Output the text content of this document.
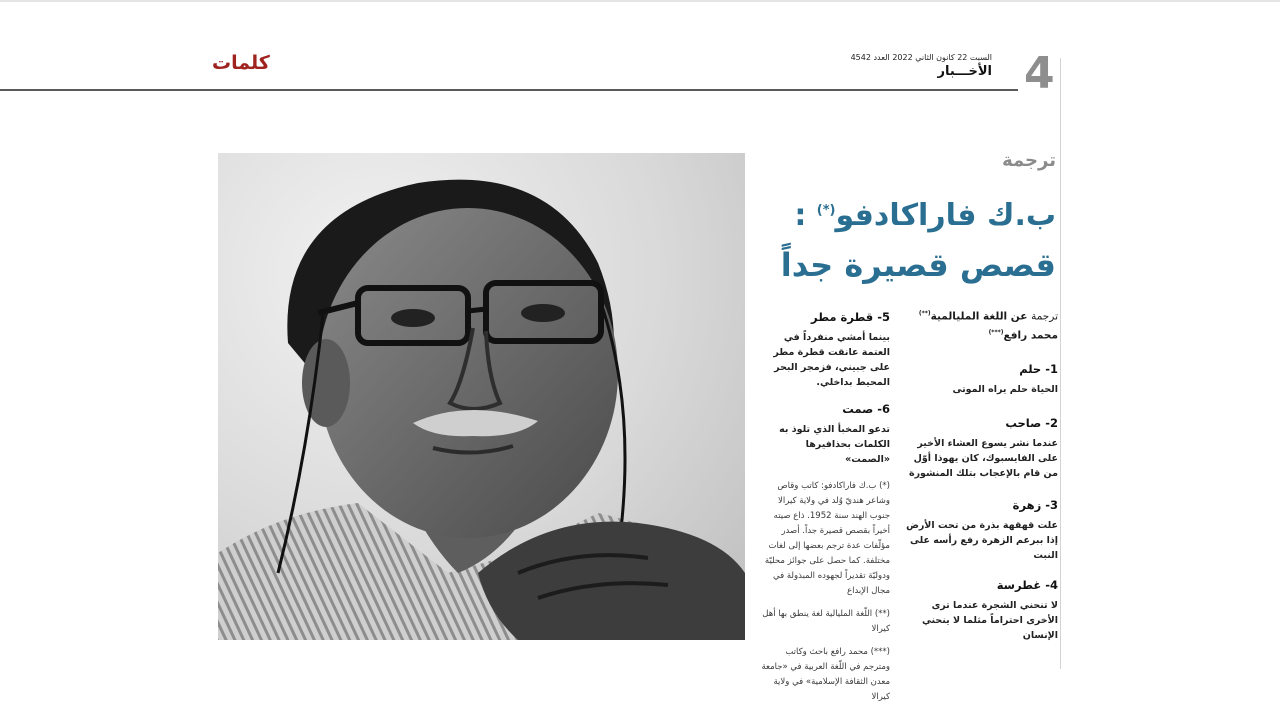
كلمات	السبت 22 كانون الثاني 2022 العدد 4542
الأخـــبار 4
ترجمة
ب.ك فاراكادفو(*) :
قصص قصيرة جداً

ترجمة عن اللغة المليالمية(**)

محمد رافع(***)

1- حلم

الحياة حلم يراه الموتى

2- صاحب

عندما نشر يسوع العشاء الأخير على الفايسبوك، كان يهوذا أوّل من قام بالإعجاب بتلك المنشورة

3- زهرة

علت قهقهة بذرة من تحت الأرض إذا ببرعم الزهرة رفع رأسه على النبت

4- غطرسة

لا تنحني الشجرة عندما ترى الأخرى احتراماً مثلما لا ينحني الإنسان

5- قطرة مطر

بينما أمشي منفرداً في العتمة عانقت قطرة مطر على جبيني، فزمجر البحر المحيط بداخلي.

6- صمت

تدعو المخبأ الذي تلوذ به الكلمات بحذافيرها «الصمت»

(*) ب.ك فاراكادفو: كاتب وقاص وشاعر هنديّ وُلد في ولاية كيرالا جنوب الهند سنة 1952. ذاع صيته أخيراً بقصص قصيرة جداً. أصدر مؤلّفات عدة ترجم بعضها إلى لغات مختلفة. كما حصل على جوائز محليّة ودوليّة تقديراً لجهوده المبذولة في مجال الإبداع

(**) اللّغة المليالية لغة ينطق بها أهل كيرالا

(***) محمد رافع باحث وكاتب ومترجم في اللّغة العربية في «جامعة معدن الثقافة الإسلامية» في ولاية كيرالا
